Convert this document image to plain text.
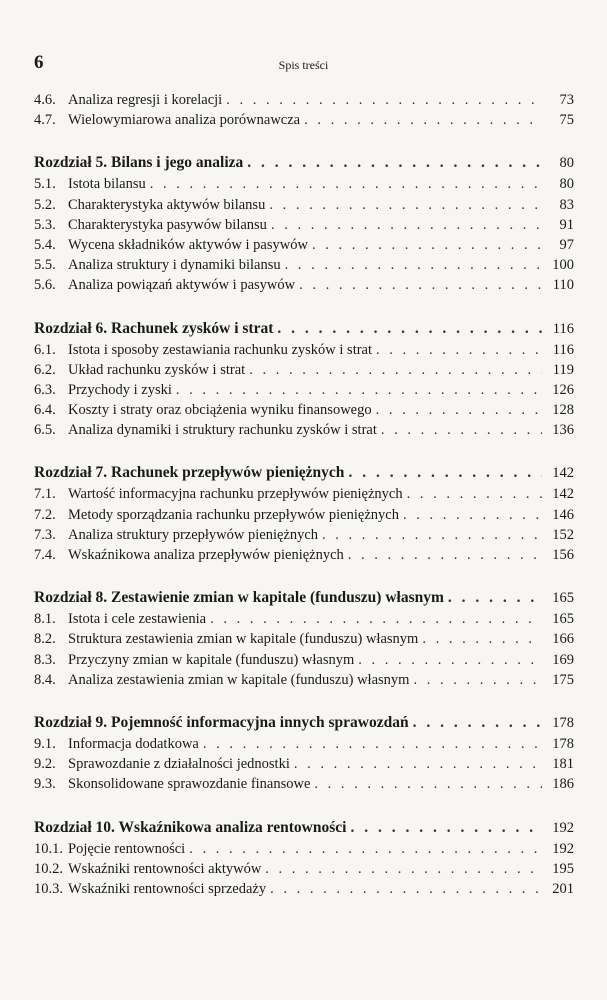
6	Spis treści
4.6. Analiza regresji i korelacji . . .	73
4.7. Wielowymiarowa analiza porównawcza . . .	75
Rozdział 5. Bilans i jego analiza . . .	80
5.1. Istota bilansu . . .	80
5.2. Charakterystyka aktywów bilansu . . .	83
5.3. Charakterystyka pasywów bilansu . . .	91
5.4. Wycena składników aktywów i pasywów . . .	97
5.5. Analiza struktury i dynamiki bilansu . . .	100
5.6. Analiza powiązań aktywów i pasywów . . .	110
Rozdział 6. Rachunek zysków i strat . . .	116
6.1. Istota i sposoby zestawiania rachunku zysków i strat . . .	116
6.2. Układ rachunku zysków i strat . . .	119
6.3. Przychody i zyski . . .	126
6.4. Koszty i straty oraz obciążenia wyniku finansowego . . .	128
6.5. Analiza dynamiki i struktury rachunku zysków i strat . . .	136
Rozdział 7. Rachunek przepływów pieniężnych . . .	142
7.1. Wartość informacyjna rachunku przepływów pieniężnych . . .	142
7.2. Metody sporządzania rachunku przepływów pieniężnych . . .	146
7.3. Analiza struktury przepływów pieniężnych . . .	152
7.4. Wskaźnikowa analiza przepływów pieniężnych . . .	156
Rozdział 8. Zestawienie zmian w kapitale (funduszu) własnym . . .	165
8.1. Istota i cele zestawienia . . .	165
8.2. Struktura zestawienia zmian w kapitale (funduszu) własnym . . .	166
8.3. Przyczyny zmian w kapitale (funduszu) własnym . . .	169
8.4. Analiza zestawienia zmian w kapitale (funduszu) własnym . . .	175
Rozdział 9. Pojemność informacyjna innych sprawozdań . . .	178
9.1. Informacja dodatkowa . . .	178
9.2. Sprawozdanie z działalności jednostki . . .	181
9.3. Skonsolidowane sprawozdanie finansowe . . .	186
Rozdział 10. Wskaźnikowa analiza rentowności . . .	192
10.1. Pojęcie rentowności . . .	192
10.2. Wskaźniki rentowności aktywów . . .	195
10.3. Wskaźniki rentowności sprzedaży . . .	201
